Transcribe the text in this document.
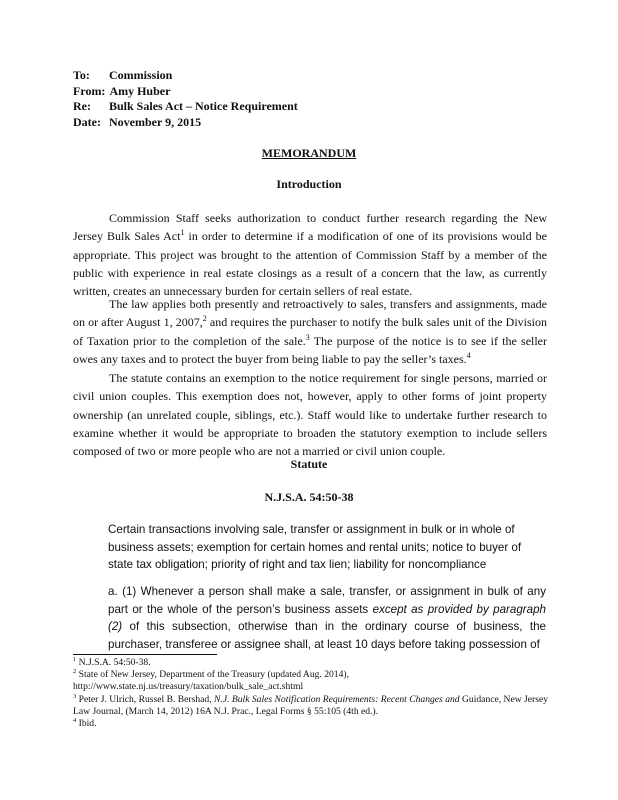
To:	Commission
From: Amy Huber
Re:	Bulk Sales Act – Notice Requirement
Date: November 9, 2015
MEMORANDUM
Introduction
Commission Staff seeks authorization to conduct further research regarding the New Jersey Bulk Sales Act$^1$ in order to determine if a modification of one of its provisions would be appropriate. This project was brought to the attention of Commission Staff by a member of the public with experience in real estate closings as a result of a concern that the law, as currently written, creates an unnecessary burden for certain sellers of real estate.
The law applies both presently and retroactively to sales, transfers and assignments, made on or after August 1, 2007,$^2$ and requires the purchaser to notify the bulk sales unit of the Division of Taxation prior to the completion of the sale.$^3$ The purpose of the notice is to see if the seller owes any taxes and to protect the buyer from being liable to pay the seller’s taxes.$^4$
The statute contains an exemption to the notice requirement for single persons, married or civil union couples. This exemption does not, however, apply to other forms of joint property ownership (an unrelated couple, siblings, etc.). Staff would like to undertake further research to examine whether it would be appropriate to broaden the statutory exemption to include sellers composed of two or more people who are not a married or civil union couple.
Statute
N.J.S.A. 54:50-38
Certain transactions involving sale, transfer or assignment in bulk or in whole of business assets; exemption for certain homes and rental units; notice to buyer of state tax obligation; priority of right and tax lien; liability for noncompliance
a. (1) Whenever a person shall make a sale, transfer, or assignment in bulk of any part or the whole of the person’s business assets except as provided by paragraph (2) of this subsection, otherwise than in the ordinary course of business, the purchaser, transferee or assignee shall, at least 10 days before taking possession of
$^1$ N.J.S.A. 54:50-38.
$^2$ State of New Jersey, Department of the Treasury (updated Aug. 2014),
http://www.state.nj.us/treasury/taxation/bulk_sale_act.shtml
$^3$ Peter J. Ulrich, Russel B. Bershad, N.J. Bulk Sales Notification Requirements: Recent Changes and Guidance, New Jersey Law Journal, (March 14, 2012) 16A N.J. Prac., Legal Forms § 55:105 (4th ed.).
$^4$ Ibid.
